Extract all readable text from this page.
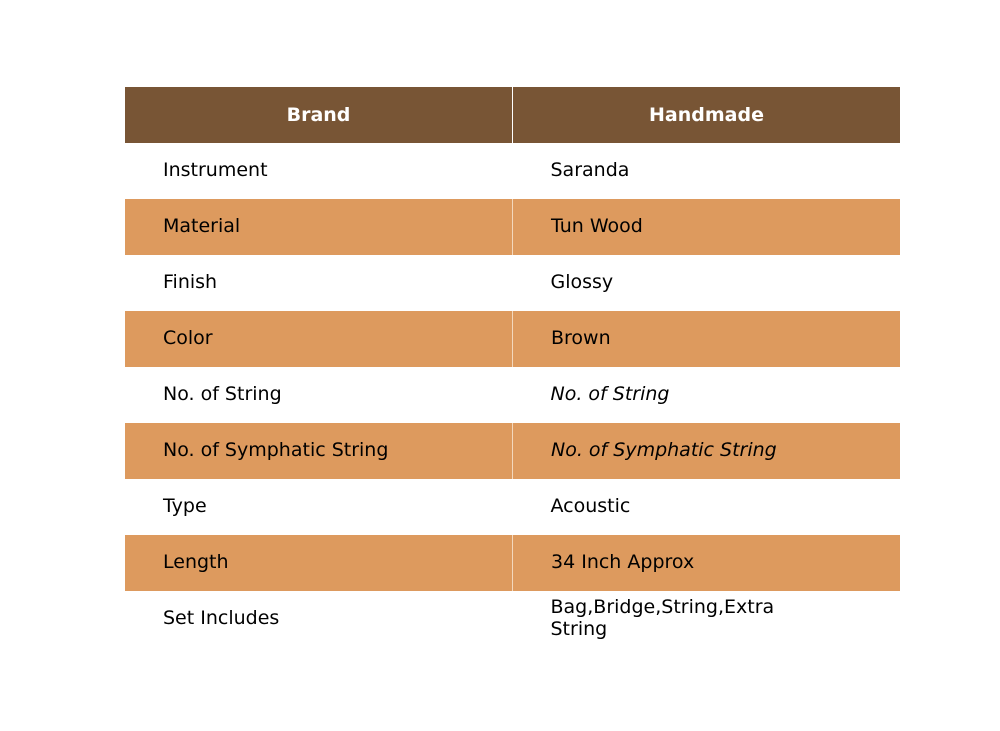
Brand	Handmade
Instrument	Saranda
Material	Tun Wood
Finish	Glossy
Color	Brown
No. of String	No. of String
No. of Symphatic String	No. of Symphatic String
Type	Acoustic
Length	34 Inch Approx
Set Includes	Bag,Bridge,String,Extra String
